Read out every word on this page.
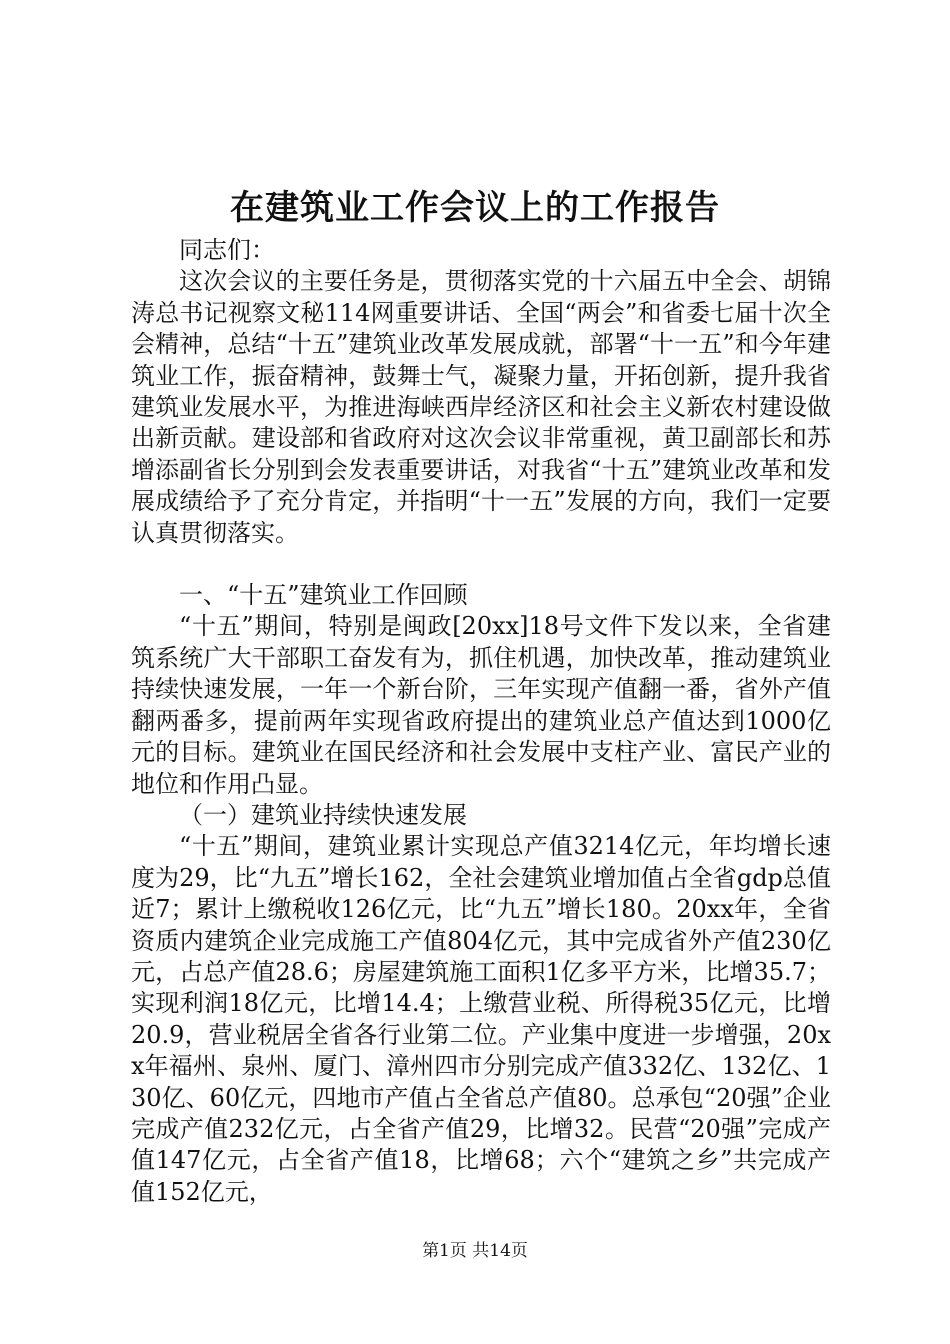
在建筑业工作会议上的工作报告

同志们：

这次会议的主要任务是，贯彻落实党的十六届五中全会、胡锦涛总书记视察文秘114网重要讲话、全国“两会”和省委七届十次全会精神，总结“十五”建筑业改革发展成就，部署“十一五”和今年建筑业工作，振奋精神，鼓舞士气，凝聚力量，开拓创新，提升我省建筑业发展水平，为推进海峡西岸经济区和社会主义新农村建设做出新贡献。建设部和省政府对这次会议非常重视，黄卫副部长和苏增添副省长分别到会发表重要讲话，对我省“十五”建筑业改革和发展成绩给予了充分肯定，并指明“十一五”发展的方向，我们一定要认真贯彻落实。

一、“十五”建筑业工作回顾

“十五”期间，特别是闽政[20xx]18号文件下发以来，全省建筑系统广大干部职工奋发有为，抓住机遇，加快改革，推动建筑业持续快速发展，一年一个新台阶，三年实现产值翻一番，省外产值翻两番多，提前两年实现省政府提出的建筑业总产值达到1000亿元的目标。建筑业在国民经济和社会发展中支柱产业、富民产业的地位和作用凸显。

（一）建筑业持续快速发展

“十五”期间，建筑业累计实现总产值3214亿元，年均增长速度为29，比“九五”增长162，全社会建筑业增加值占全省gdp总值近7；累计上缴税收126亿元，比“九五”增长180。20xx年，全省资质内建筑企业完成施工产值804亿元，其中完成省外产值230亿元，占总产值28.6；房屋建筑施工面积1亿多平方米，比增35.7；实现利润18亿元，比增14.4；上缴营业税、所得税35亿元，比增20.9，营业税居全省各行业第二位。产业集中度进一步增强，20xx年福州、泉州、厦门、漳州四市分别完成产值332亿、132亿、130亿、60亿元，四地市产值占全省总产值80。总承包“20强”企业完成产值232亿元，占全省产值29，比增32。民营“20强”完成产值147亿元，占全省产值18，比增68；六个“建筑之乡”共完成产值152亿元，

第1页 共14页
